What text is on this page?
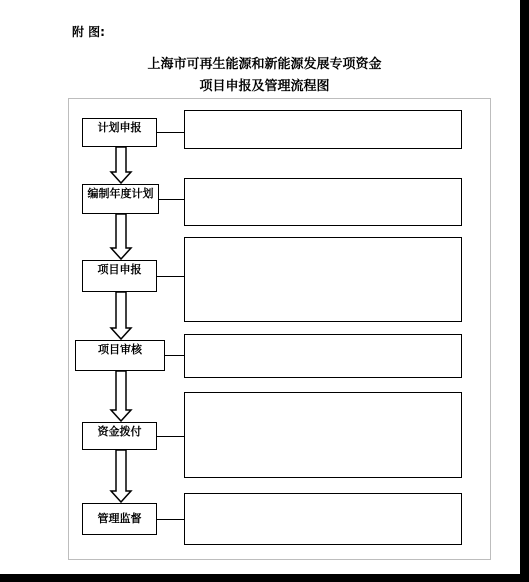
附 图:
上海市可再生能源和新能源发展专项资金
项目申报及管理流程图
计划申报
编制年度计划
项目申报
项目审核
资金拨付
管理监督
